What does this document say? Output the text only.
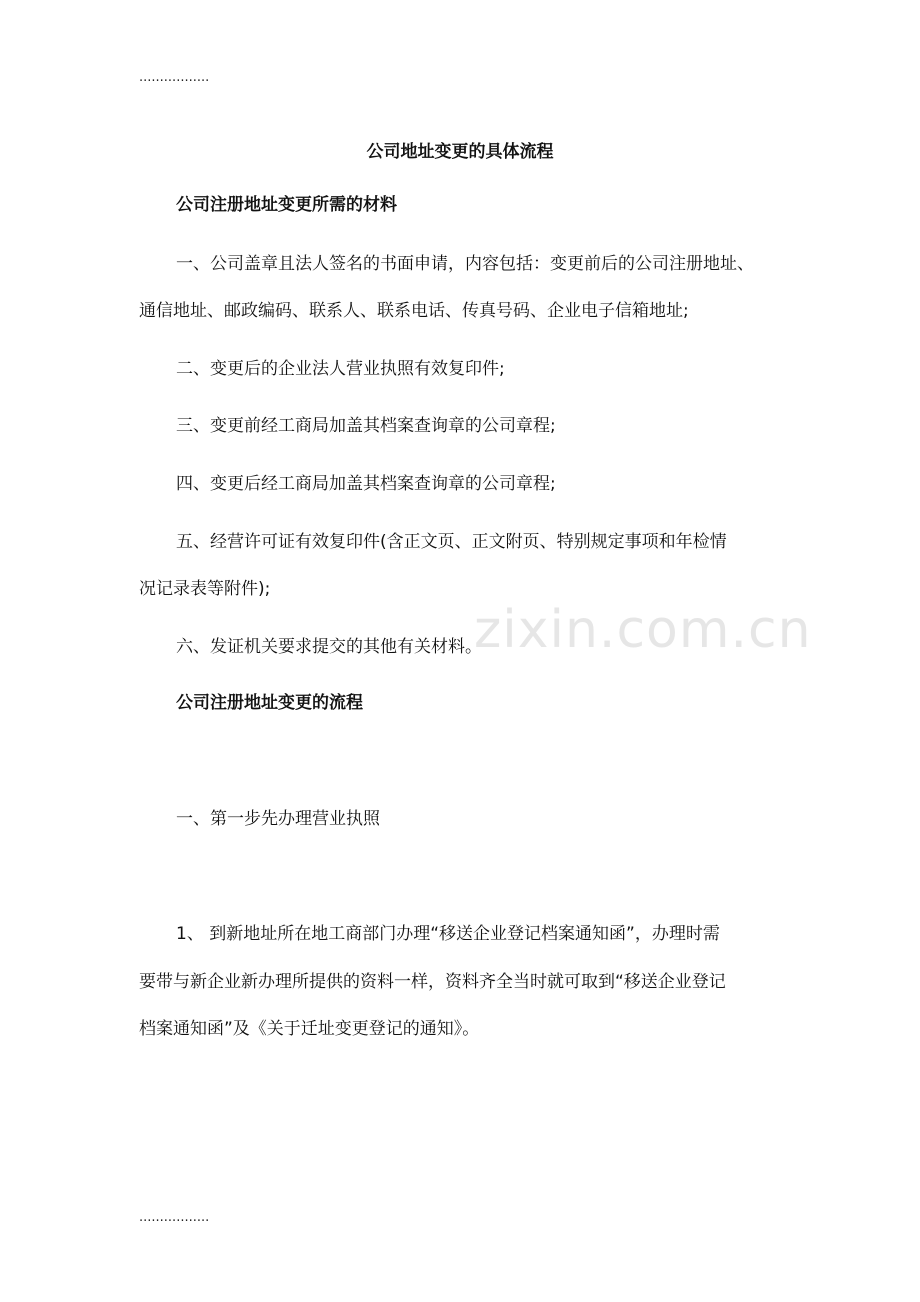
.................
公司地址变更的具体流程
公司注册地址变更所需的材料
一、公司盖章且法人签名的书面申请，内容包括：变更前后的公司注册地址、
通信地址、邮政编码、联系人、联系电话、传真号码、企业电子信箱地址;
二、变更后的企业法人营业执照有效复印件;
三、变更前经工商局加盖其档案查询章的公司章程;
四、变更后经工商局加盖其档案查询章的公司章程;
五、经营许可证有效复印件(含正文页、正文附页、特别规定事项和年检情
况记录表等附件);
zixin.com.cn
六、发证机关要求提交的其他有关材料。
公司注册地址变更的流程
一、第一步先办理营业执照
1、 到新地址所在地工商部门办理“移送企业登记档案通知函”，办理时需
要带与新企业新办理所提供的资料一样，资料齐全当时就可取到“移送企业登记
档案通知函”及《关于迁址变更登记的通知》。
.................
